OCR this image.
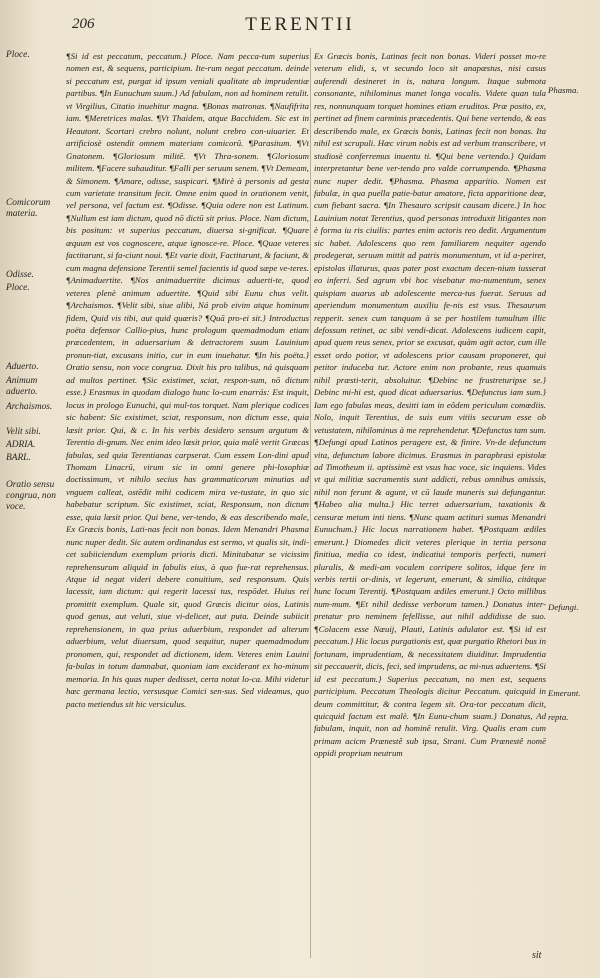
206	TERENTII
Ploce.
Comicorum materia.
Odisse.
Ploce.
Aduerto.
Animum aduerto.
Archaismos.
Velit sibi.
ADRIA.
BARL.
Oratio sensu congrua, non voce.
Phasma.
Defungi.
Emerunt.
repta.

¶Si id est peccatum, peccatum.} Ploce. Nam pecca-tum superius nomen est, & sequens, participium. Ite-rum negat peccatum. deinde si peccatum est, purgat id ipsum veniali qualitate ab imprudentiæ partibus. ¶In Eunuchum suum.} Ad fabulam, non ad hominem retulit. vt Virgilius, Citatio inuehitur magna. ¶Bonas matronas. ¶Naufifrita iam. ¶Meretrices malas. ¶Vt Thaidem, atque Bacchidem. Sic est in Heautont. Scortari crebro nolunt, nolunt crebro con-uiuarier. Et artificiosè ostendit omnem materiam comicorū. ¶Parasitum. ¶Vt Gnatonem. ¶Gloriosum militē. ¶Vt Thra-sonem. ¶Gloriosum militem. ¶Facere suhauditur. ¶Falli per seruum senem. ¶Vt Demeam, & Simonem. ¶Amare, odisse, suspicari. ¶Mirè à personis ad gesta cum varietate transitum fecit. Omne enim quod in orationem venit, vel persona, vel factum est. ¶Odisse. ¶Quia odere non est Latinum. ¶Nullum est iam dictum, quod nō dictū sit prius. Ploce. Nam dictum, bis positum: vt superius peccatum, diuersa si-gnificat. ¶Quare æquum est vos cognoscere, atque ignosce-re. Ploce. ¶Quae veteres factitarunt, si fa-ciunt noui. ¶Et varie dixit, Factitarunt, & faciunt, & cum magna defensione Terentii semel facientis id quod sæpe ve-teres. ¶Animaduertite. ¶Nos animaduertite dicimus aduerti-te, quod veteres plenè animum aduertite. ¶Quid sibi Eunu chus velit. ¶Archaismos. ¶Velit sibi, siue alibi, Ná prob eivim atque hominum fidem, Quid vis tibi, aut quid quæris? ¶Quā pro-ei sit.} Introductus poëta defensor Callio-pius, hunc prologum quemadmodum etiam præcedentem, in aduersarium & detractorem suum Lauinium pronun-tiat, excusans initio, cur in eum inuehatur. ¶In his poëta.} Oratio sensu, non voce congrua. Dixit his pro talibus, ná quisquam ad multos pertinet. ¶Sic existimet, sciat, respon-sum, nō dictum esse.} Erasmus in quodam dialogo hunc lo-cum enarrás: Est inquit, locus in prologo Eunuchi, qui mul-tos torquet. Nam plerique codices sic habent: Sic existimet, sciat, responsum, non dictum esse, quia læsit prior. Qui, & c. In his verbis desidero sensum argutum & Terentio di-gnum. Nec enim ideo læsit prior, quia malè vertit Græcas fabulas, sed quia Terentianas carpserat. Cum essem Lon-dini apud Thomam Linacrū, virum sic in omni genere phi-losophiæ doctissimum, vt nihilo secius has grammaticorum minutias ad vnguem calleat, ostēdit mihi codicem mira ve-tustate, in quo sic habebatur scriptum. Sic existimet, sciat, Responsum, non dictum esse, quia læsit prior. Qui bene, ver-tendo, & eas describendo male, Ex Græcis bonis, Lati-nas fecit non bonas. Idem Menandri Phasma nunc nuper dedit. Sic autem ordinandus est sermo, vt qualis sit, indi-cet subiiciendum exemplum prioris dicti. Minitabatur se vicissim reprehensurum aliquid in fabulis eius, à quo fue-rat reprehensus. Atque id negat videri debere conuitium, sed responsum. Quis lacessit, iam dictum: qui regerit lacessi tus, respōdet. Huius rei promittit exemplum. Quale sit, quod Græcis dicitur oios, Latinis quod genus, aut veluti, siue vi-delicet, aut puta. Deinde subiicit reprehensionem, in qua prius aduerbium, respondet ad alterum aduerbium, velut diuersum, quod sequitur, nuper quemadmodum pronomen, qui, respondet ad dictionem, idem. Veteres enim Lauini fa-bulas in totum damnabat, quoniam iam exciderant ex ho-minum memoria. In his quas nuper dedisset, certa notat lo-ca. Mihi videtur hæc germana lectio, versusque Comici sen-sus. Sed videamus, quo pacto metiendus sit hic versiculus.

Ex Græcis bonis, Latinas fecit non bonas. Videri posset mo-re veterum elidi, s, vt secundo loco sit anapæstus, nisi casus auferendi desineret in is, natura longum. Itaque submota consonante, nihilominus manet longa vocalis. Videte quan tula res, nonnunquam torquet homines etiam eruditos. Præ posito, ex, pertinet ad finem carminis præcedentis. Qui bene vertendo, & eas describendo male, ex Græcis bonis, Latinas fecit non bonas. Ita nihil est scrupuli. Hæc virum nobis est ad verbum transcribere, vt studiosè conferremus inuentu ti. ¶Qui bene vertendo.} Quidam interpretantur bene ver-tendo pro valde corrumpendo. ¶Phasma nunc nuper dedit. ¶Phasma. Phasma apparitio. Nomen est fabulæ, in qua puella patie-batur amatore, ficta apparitione deæ, cum fiebant sacra. ¶In Thesauro scripsit causam dicere.} In hoc Lauinium notat Terentius, quod personas introduxit litigantes non è forma iu ris ciuilis: partes enim actoris reo dedit. Argumentum sic habet. Adolescens quo rem familiarem nequiter agendo prodegerat, seruum mittit ad patris monumentum, vt id a-periret, epistolas illaturus, quas pater post exactum decen-nium iusserat eo inferri. Sed agrum vbi hoc visebatur mo-numentum, senex quispiam auarus ab adolescente merca-tus fuerat. Seruus ad aperiendum monumentum auxiliu fe-nis est vsus. Thesaurum repperit. senex cum tanquam à se per hostilem tumultum illic defossum retinet, ac sibi vendi-dicat. Adolescens iudicem capit, apud quem reus senex, prior se excusat, quàm agit actor, cum ille esset ordo potior, vt adolescens prior causam proponeret, qui petitor induceba tur. Actore enim non probante, reus quamuis nihil præsti-terit, absoluitur. ¶Debinc ne frustreturipse se.} Debinc mi-hi est, quod dicat aduersarius. ¶Defunctus iam sum.} Iam ego fabulas meas, desitti iam in eôdem periculum comœdiis. Nolo, inquit Terentius, de suis eum vitiis securum esse ob vetustatem, nihilominus à me reprehendetur. ¶Defunctus tam sum. ¶Defungi apud Latinos peragere est, & finire. Vn-de defunctum vita, defunctum labore dicimus. Erasmus in paraphrasi epistolæ ad Timotheum ii. aptissimè est vsus hac voce, sic inquiens. Vides vt qui militiæ sacramentis sunt addicti, rebus omnibus omissis, nihil non ferunt & agunt, vt cū laude muneris sui defungantur. ¶Habeo alia multa.} Hic terret aduersarium, taxationis & censuræ metum inti tiens. ¶Nunc quam actituri sumus Menandri Eunuchum.} Hic locus narrationem habet. ¶Postquam ædiles emerunt.} Diomedes dicit veteres plerique in tertia persona finitiua, media co idest, indicatiui temporis perfecti, numeri pluralis, & medi-am vocalem corripere solitos, idque fere in verbis tertii or-dinis, vt legerunt, emerunt, & similia, citátque hunc locum Terentij. ¶Postquam ædiles emerunt.} Octo millibus num-mum. ¶Et nihil dedisse verborum tamen.} Donatus inter-pretatur pro neminem fefellisse, aut nihil addidisse de suo. ¶Colacem esse Næuij, Plauti, Latinis adulator est. ¶Si id est peccatum.} Hic locus purgationis est, quæ purgatio Rhetori bus in fortunam, imprudentiam, & necessitatem diuiditur. Imprudentia sit peccauerit, dicis, feci, sed imprudens, ac mi-nus aduertens. ¶Si id est peccatum.} Superius peccatum, no men est, sequens participium. Peccatum Theologis dicitur Peccatum. quicquid in deum committitur, & contra legem sit. Ora-tor peccatum dicit, quicquid factum est malè. ¶In Eunu-chum suam.} Donatus, Ad fabulam, inquit, non ad hominē retulit. Virg. Qualis eram cum primam acicm Prænestê sub ipsa, Strani. Cum Prænestê nomē oppidi proprium neutrum

sit
